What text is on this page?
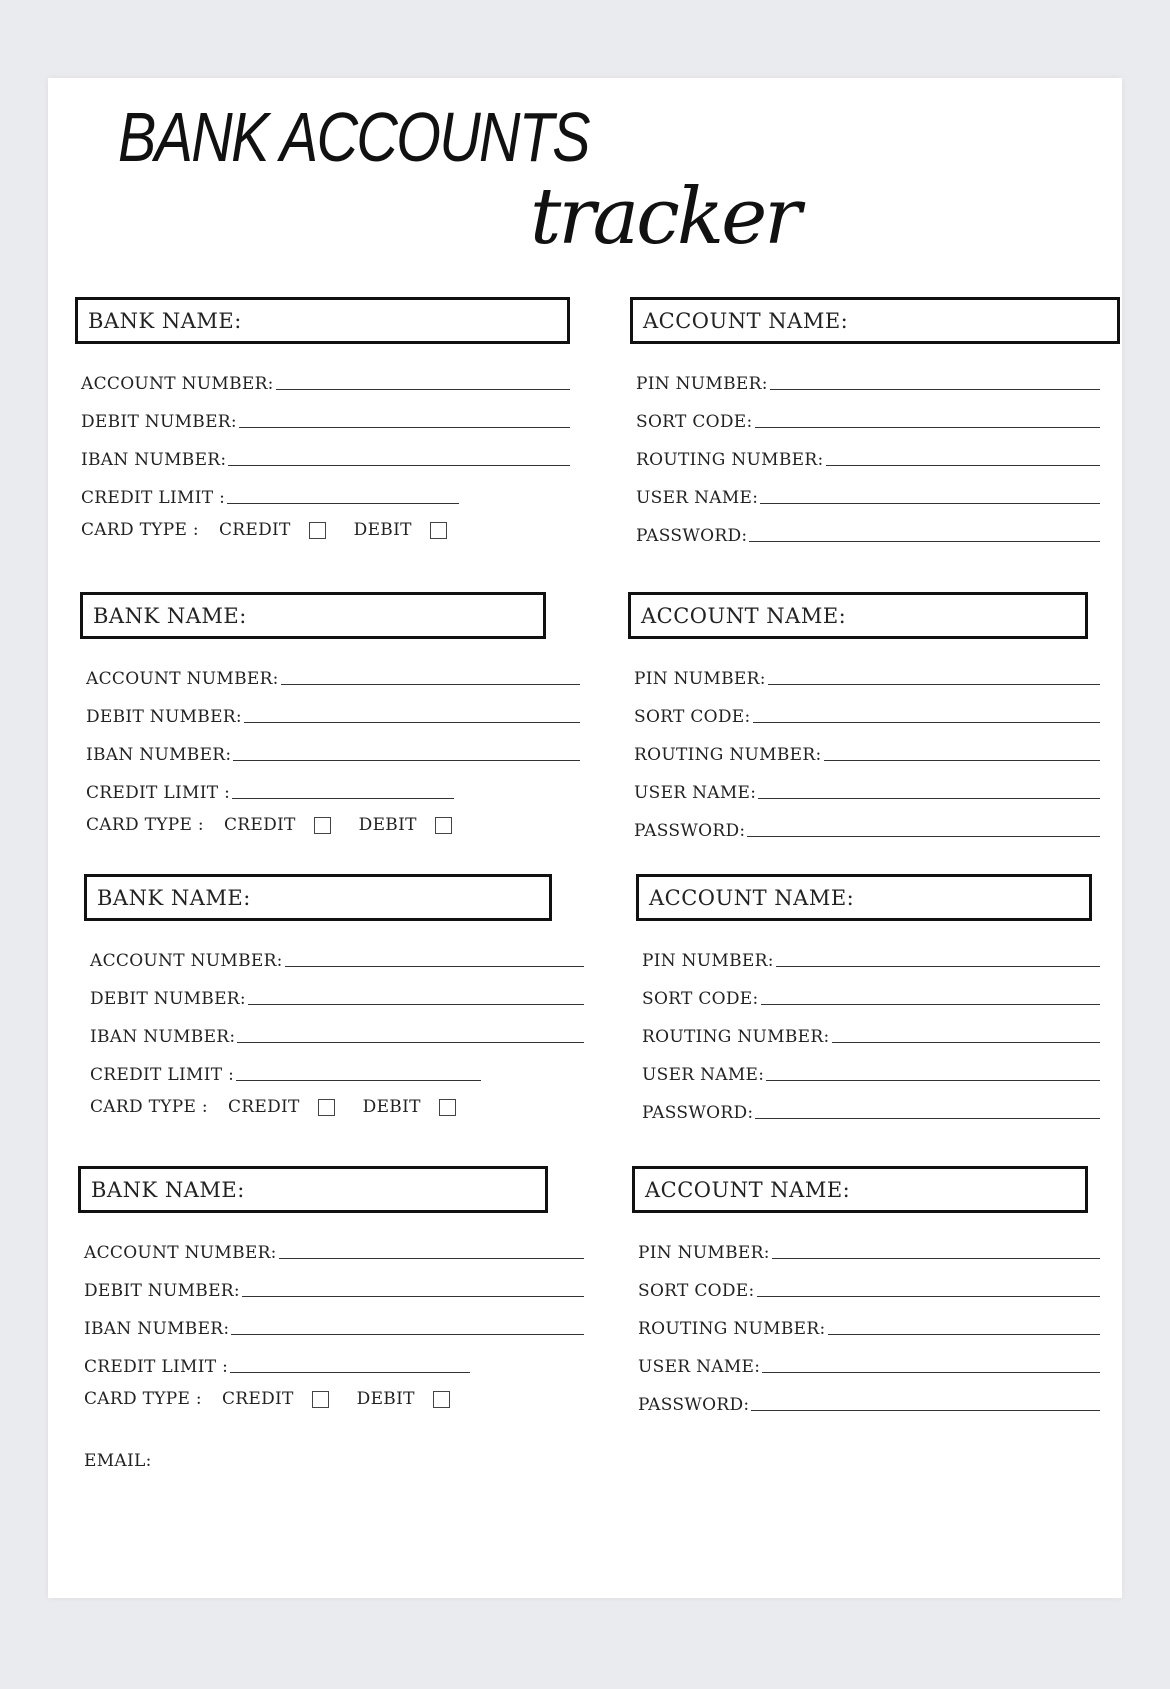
BANK ACCOUNTS
tracker
BANK NAME:
ACCOUNT NUMBER:
DEBIT NUMBER:
IBAN NUMBER:
CREDIT LIMIT :
CARD TYPE : CREDIT	DEBIT
ACCOUNT NAME:
PIN NUMBER:
SORT CODE:
ROUTING NUMBER:
USER NAME:
PASSWORD:
BANK NAME:
ACCOUNT NUMBER:
DEBIT NUMBER:
IBAN NUMBER:
CREDIT LIMIT :
CARD TYPE : CREDIT	DEBIT
ACCOUNT NAME:
PIN NUMBER:
SORT CODE:
ROUTING NUMBER:
USER NAME:
PASSWORD:
BANK NAME:
ACCOUNT NUMBER:
DEBIT NUMBER:
IBAN NUMBER:
CREDIT LIMIT :
CARD TYPE : CREDIT	DEBIT
ACCOUNT NAME:
PIN NUMBER:
SORT CODE:
ROUTING NUMBER:
USER NAME:
PASSWORD:
BANK NAME:
ACCOUNT NUMBER:
DEBIT NUMBER:
IBAN NUMBER:
CREDIT LIMIT :
CARD TYPE : CREDIT	DEBIT
ACCOUNT NAME:
PIN NUMBER:
SORT CODE:
ROUTING NUMBER:
USER NAME:
PASSWORD:
EMAIL:
